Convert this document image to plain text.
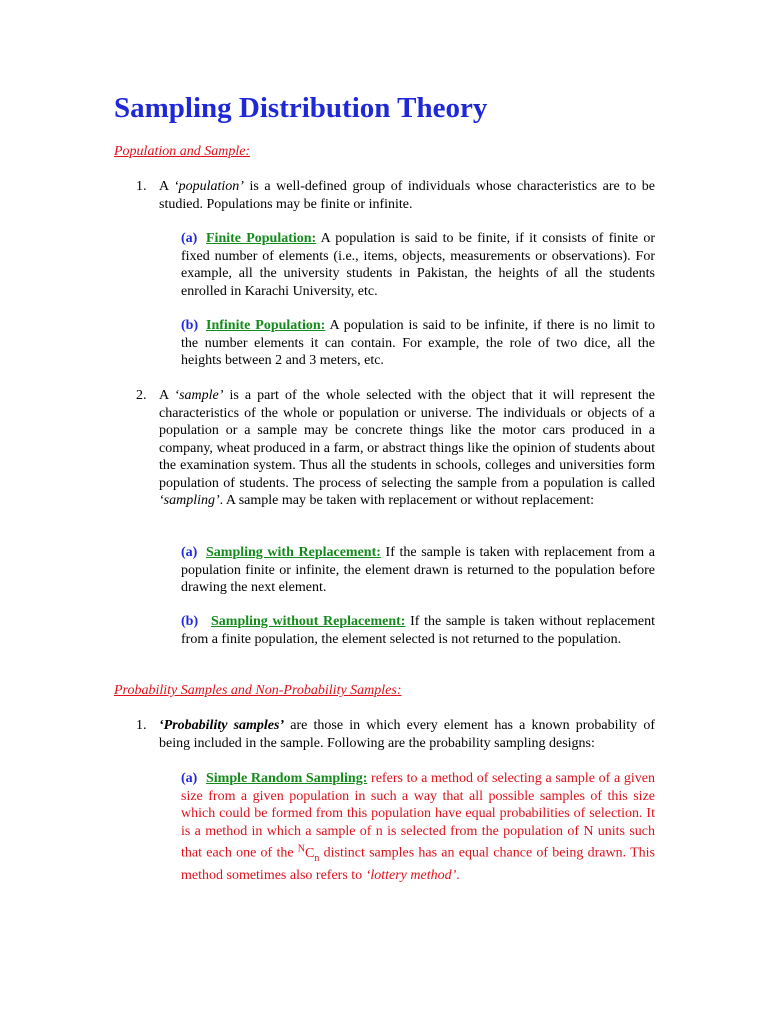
Sampling Distribution Theory

Population and Sample:

1. A ‘population’ is a well-defined group of individuals whose characteristics are to be studied. Populations may be finite or infinite.

(a) Finite Population: A population is said to be finite, if it consists of finite or fixed number of elements (i.e., items, objects, measurements or observations). For example, all the university students in Pakistan, the heights of all the students enrolled in Karachi University, etc.

(b) Infinite Population: A population is said to be infinite, if there is no limit to the number elements it can contain. For example, the role of two dice, all the heights between 2 and 3 meters, etc.

2. A ‘sample’ is a part of the whole selected with the object that it will represent the characteristics of the whole or population or universe. The individuals or objects of a population or a sample may be concrete things like the motor cars produced in a company, wheat produced in a farm, or abstract things like the opinion of students about the examination system. Thus all the students in schools, colleges and universities form population of students. The process of selecting the sample from a population is called ‘sampling’. A sample may be taken with replacement or without replacement:

(a) Sampling with Replacement: If the sample is taken with replacement from a population finite or infinite, the element drawn is returned to the population before drawing the next element.

(b) Sampling without Replacement: If the sample is taken without replacement from a finite population, the element selected is not returned to the population.

Probability Samples and Non-Probability Samples:

1. ‘Probability samples’ are those in which every element has a known probability of being included in the sample. Following are the probability sampling designs:

(a) Simple Random Sampling: refers to a method of selecting a sample of a given size from a given population in such a way that all possible samples of this size which could be formed from this population have equal probabilities of selection. It is a method in which a sample of n is selected from the population of N units such that each one of the $^NC_n$ distinct samples has an equal chance of being drawn. This method sometimes also refers to ‘lottery method’.
